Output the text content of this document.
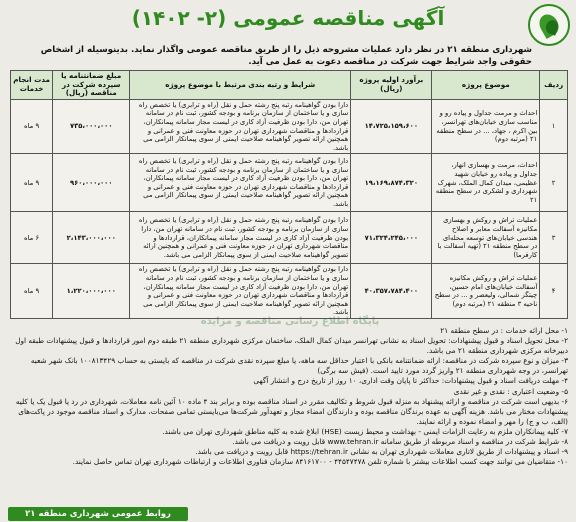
آگهی مناقصه عمومی (۲- ۱۴۰۲)
شهرداری منطقه ۲۱ در نظر دارد عملیات مشروحه ذیل را از طریق مناقصه عمومی واگذار نماید. بدینوسیله از اشخاص حقوقی واجد شرایط جهت شرکت در مناقصه دعوت به عمل می آید.
ردیف	موضوع پروژه	برآورد اولیه پروژه (ریال)	شرایط و رتبه بندی مرتبط با موضوع پروژه	مبلغ ضمانتنامه یا سپرده شرکت در مناقصه (ریال)	مدت انجام خدمات
۱	احداث و مرمت جداول و پیاده رو و مناسب سازی خیابان‌های تهرانسر، بین اکرم ، جهاد، ... در سطح منطقه ۲۱ (مرتبه دوم)	۱۴،۷۲۵،۱۵۹،۶۰۰	دارا بودن گواهینامه رتبه پنج رشته حمل و نقل (راه و ترابری) یا تخصص راه سازی و یا ساختمان از سازمان برنامه و بودجه کشور، ثبت نام در سامانه تهران من، دارا بودن ظرفیت آزاد کاری در لیست مجاز سامانه پیمانکاران، قراردادها و مناقصات شهرداری تهران در حوزه معاونت فنی و عمرانی و همچنین ارائه تصویر گواهینامه صلاحیت ایمنی از سوی پیمانکار الزامی می باشد.	۷۳۵،۰۰۰،۰۰۰	۹ ماه
۲	احداث، مرمت و بهسازی انهار، جداول و پیاده رو خیابان شهید عظیمی، میدان کمال الملک، شهرک شهرداری و لشکری در سطح منطقه ۲۱	۱۹،۱۶۹،۸۷۴،۳۲۰	دارا بودن گواهینامه رتبه پنج رشته حمل و نقل (راه و ترابری) یا تخصص راه سازی و یا ساختمان از سازمان برنامه و بودجه کشور، ثبت نام در سامانه تهران من، دارا بودن ظرفیت آزاد کاری در لیست مجاز سامانه پیمانکاران، قراردادها و مناقصات شهرداری تهران در حوزه معاونت فنی و عمرانی و همچنین ارائه تصویر گواهینامه صلاحیت ایمنی از سوی پیمانکار الزامی می باشد.	۹۶۰،۰۰۰،۰۰۰	۹ ماه
۳	عملیات تراش و روکش و بهسازی مکانیزه آسفالت معابر و اصلاح هندسی خیابان‌های توسعه محله‌ای در سطح منطقه ۲۱ (تهیه آسفالت با کارفرما)	۷۱،۳۲۴،۲۴۵،۰۰۰	دارا بودن گواهینامه رتبه پنج رشته حمل و نقل (راه و ترابری) یا تخصص راه سازی از سازمان برنامه و بودجه کشور، ثبت نام در سامانه تهران من، دارا بودن ظرفیت آزاد کاری در لیست مجاز سامانه پیمانکاران، قراردادها و مناقصات شهرداری تهران در حوزه معاونت فنی و عمرانی و همچنین ارائه تصویر گواهینامه صلاحیت ایمنی از سوی پیمانکار الزامی می باشد.	۲،۱۴۳،۰۰۰،۰۰۰	۶ ماه
۴	عملیات تراش و روکش مکانیزه آسفالت خیابان‌های امام حسین، چیتگر شمالی، ولیعصر و ... در سطح ناحیه ۳ منطقه ۲۱ (مرتبه دوم)	۴۰،۳۵۷،۷۸۴،۴۰۰	دارا بودن گواهینامه رتبه پنج رشته حمل و نقل (راه و ترابری) یا تخصص راه سازی و یا ساختمان از سازمان برنامه و بودجه کشور، ثبت نام در سامانه تهران من، دارا بودن ظرفیت آزاد کاری در لیست مجاز سامانه پیمانکاران، قراردادها و مناقصات شهرداری تهران در حوزه معاونت فنی و عمرانی و همچنین ارائه تصویر گواهینامه صلاحیت ایمنی از سوی پیمانکار الزامی می باشد.	۱،۲۲۰،۰۰۰،۰۰۰	۹ ماه
پایگاه اطلاع رسانی مناقصه و مزایده

۱- محل ارائه خدمات : در سطح منطقه ۲۱

۲- محل تحویل اسناد و قبول پیشنهادات: تحویل اسناد به نشانی تهرانسر میدان کمال الملک، ساختمان مرکزی شهرداری منطقه ۲۱ طبقه دوم امور قراردادها و قبول پیشنهادات طبقه اول دبیرخانه مرکزی شهرداری منطقه ۲۱ می باشد.

۳- میزان و نوع سپرده شرکت در مناقصه: ارائه ضمانتنامه بانکی با اعتبار حداقل سه ماهه، یا مبلغ سپرده نقدی شرکت در مناقصه که بایستی به حساب ۱۰۰۸۱۳۴۲۹ بانک شهر شعبه تهرانسر، در وجه شهرداری منطقه ۲۱ واریز گردد مورد تایید است. (فیش سه برگی)

۴- مهلت دریافت اسناد و قبول پیشنهادات: حداکثر تا پایان وقت اداری، ۱۰ روز از تاریخ درج و انتشار آگهی

۵- وضعیت اعتباری : نقدی و غیر نقدی

۶- بدیهی است شرکت در مناقصه و ارائه پیشنهاد به منزله قبول شروط و تکالیف مقرر در اسناد مناقصه بوده و برابر بند ۴ ماده ۱۰ آئین نامه معاملات، شهرداری در رد یا قبول یک یا کلیه پیشنهادات مختار می باشد. هزینه آگهی به عهده برندگان مناقصه بوده و دارندگان امضاء مجاز و تعهدآور شرکت‌ها می‌بایستی تمامی صفحات، مدارک و اسناد مناقصه موجود در پاکت‌های (الف، ب و ج) را مهر و امضاء نموده و ارائه نمایند.

۷- کلیه پیمانکاران ملزم به رعایت الزامات ایمنی - بهداشت و محیط زیست (HSE) ابلاغ شده به کلیه مناطق شهرداری تهران می باشند.

۸- شرایط شرکت در مناقصه و اسناد مربوطه از طریق سامانه www.tehran.ir قابل رویت و دریافت می باشد.

۹- اسناد و پیشنهادات از طریق لاتاری معاملات شهرداری تهران به نشانی https://tehran.ir قابل رویت و دریافت می باشد.

۱۰- متقاضیان می توانند جهت کسب اطلاعات بیشتر با شماره تلفن ۴۴۵۴۷۴۷۸ - ۸۴۱۶۱۷۰۰ سازمان فناوری اطلاعات و ارتباطات شهرداری تهران تماس حاصل نمایند.

روابط عمومی شهرداری منطقه ۲۱
